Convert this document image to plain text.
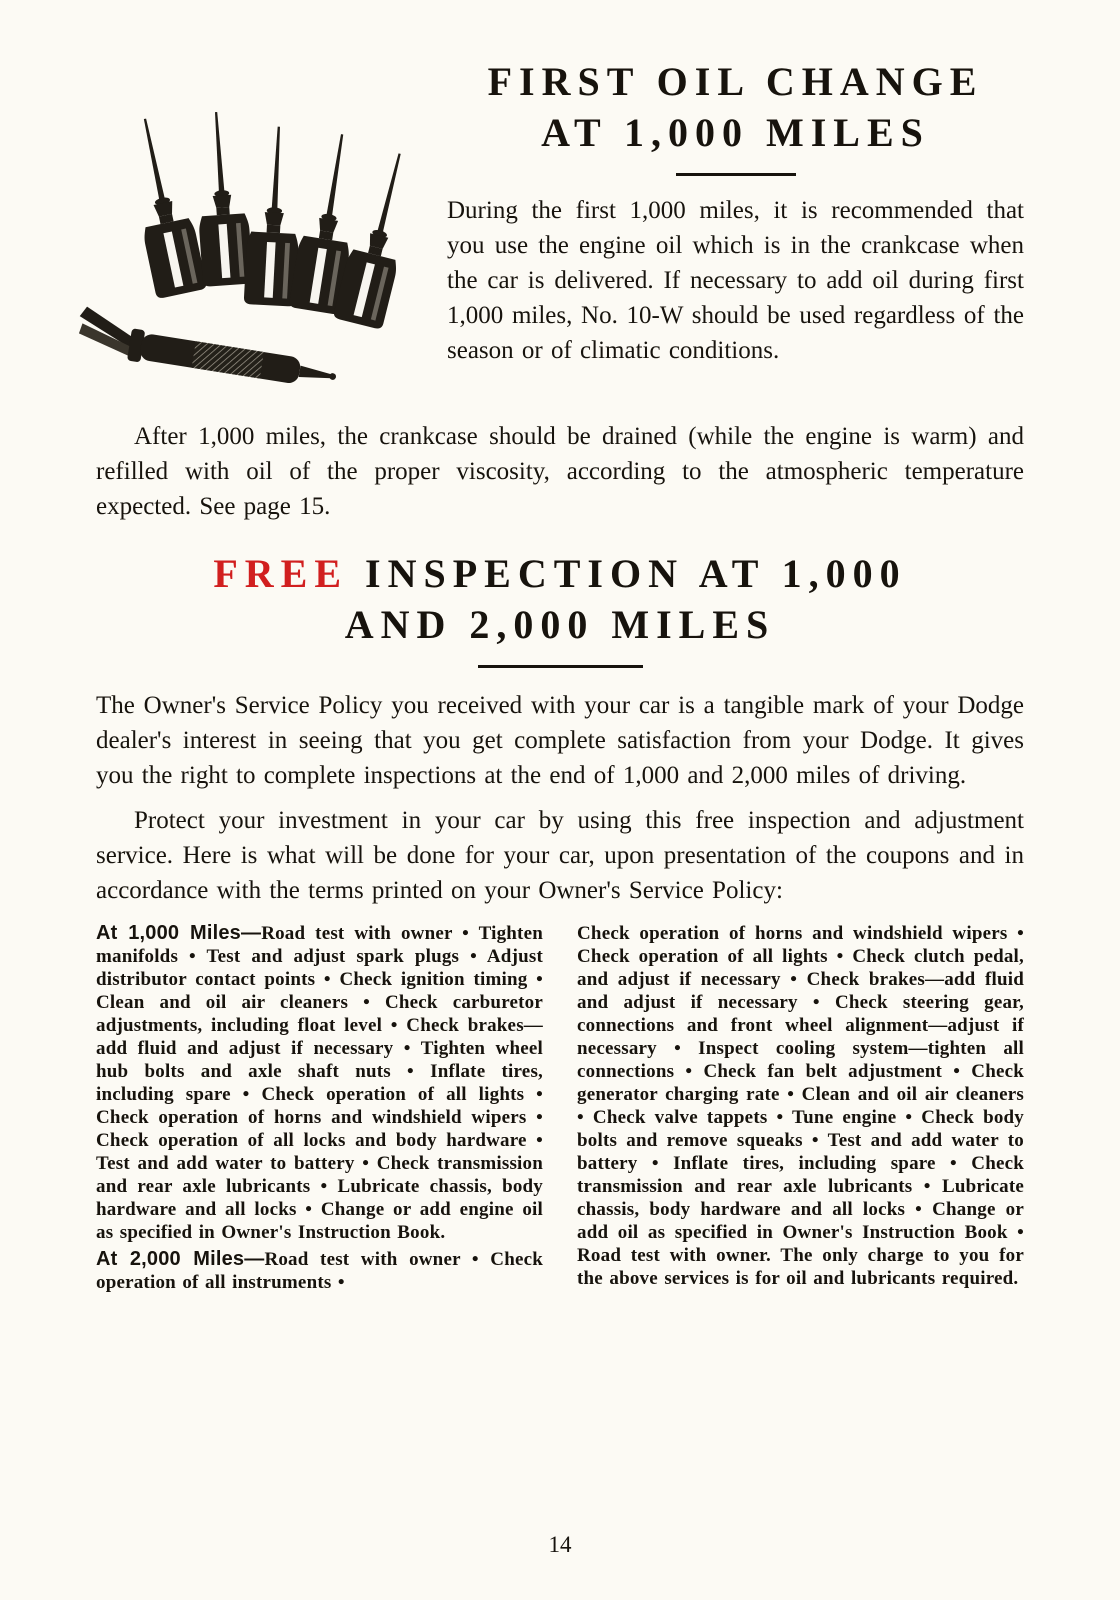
FIRST OIL CHANGE
AT 1,000 MILES

During the first 1,000 miles, it is recommended that you use the engine oil which is in the crankcase when the car is delivered. If necessary to add oil during first 1,000 miles, No. 10-W should be used regardless of the season or of climatic conditions.

After 1,000 miles, the crankcase should be drained (while the engine is warm) and refilled with oil of the proper viscosity, according to the atmospheric temperature expected. See page 15.

FREE INSPECTION AT 1,000
AND 2,000 MILES

The Owner's Service Policy you received with your car is a tangible mark of your Dodge dealer's interest in seeing that you get complete satisfaction from your Dodge. It gives you the right to complete inspections at the end of 1,000 and 2,000 miles of driving.

Protect your investment in your car by using this free inspection and adjustment service. Here is what will be done for your car, upon presentation of the coupons and in accordance with the terms printed on your Owner's Service Policy:

At 1,000 Miles—Road test with owner • Tighten manifolds • Test and adjust spark plugs • Adjust distributor contact points • Check ignition timing • Clean and oil air cleaners • Check carburetor adjustments, including float level • Check brakes—add fluid and adjust if necessary • Tighten wheel hub bolts and axle shaft nuts • Inflate tires, including spare • Check operation of all lights • Check operation of horns and windshield wipers • Check operation of all locks and body hardware • Test and add water to battery • Check transmission and rear axle lubricants • Lubricate chassis, body hardware and all locks • Change or add engine oil as specified in Owner's Instruction Book.

At 2,000 Miles—Road test with owner • Check operation of all instruments •

Check operation of horns and windshield wipers • Check operation of all lights • Check clutch pedal, and adjust if necessary • Check brakes—add fluid and adjust if necessary • Check steering gear, connections and front wheel alignment—adjust if necessary • Inspect cooling system—tighten all connections • Check fan belt adjustment • Check generator charging rate • Clean and oil air cleaners • Check valve tappets • Tune engine • Check body bolts and remove squeaks • Test and add water to battery • Inflate tires, including spare • Check transmission and rear axle lubricants • Lubricate chassis, body hardware and all locks • Change or add oil as specified in Owner's Instruction Book • Road test with owner. The only charge to you for the above services is for oil and lubricants required.

14
